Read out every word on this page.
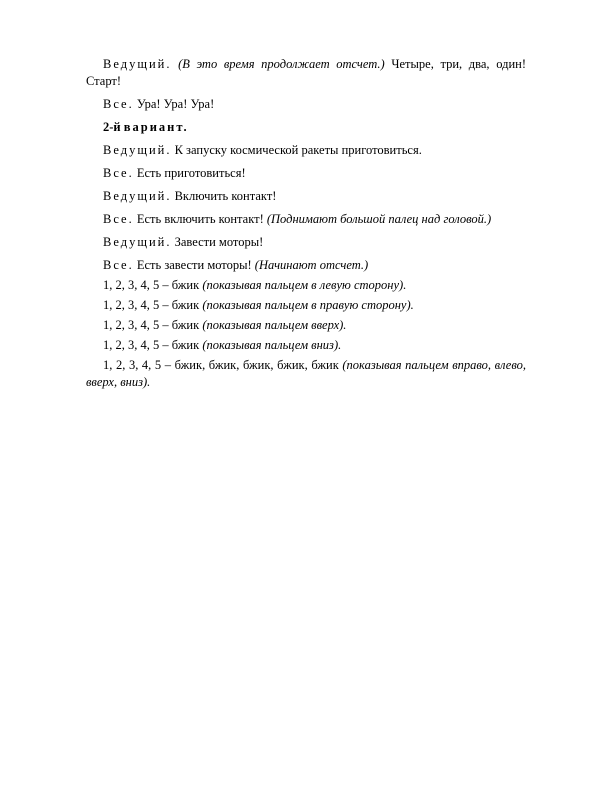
Ведущий. (В это время продолжает отсчет.) Четыре, три, два, один! Старт!

Все. Ура! Ура! Ура!

2-й вариант.

Ведущий. К запуску космической ракеты приготовиться.

Все. Есть приготовиться!

Ведущий. Включить контакт!

Все. Есть включить контакт! (Поднимают большой палец над головой.)

Ведущий. Завести моторы!

Все. Есть завести моторы! (Начинают отсчет.)

1, 2, 3, 4, 5 – бжик (показывая пальцем в левую сторону).

1, 2, 3, 4, 5 – бжик (показывая пальцем в правую сторону).

1, 2, 3, 4, 5 – бжик (показывая пальцем вверх).

1, 2, 3, 4, 5 – бжик (показывая пальцем вниз).

1, 2, 3, 4, 5 – бжик, бжик, бжик, бжик, бжик (показывая пальцем вправо, влево, вверх, вниз).
